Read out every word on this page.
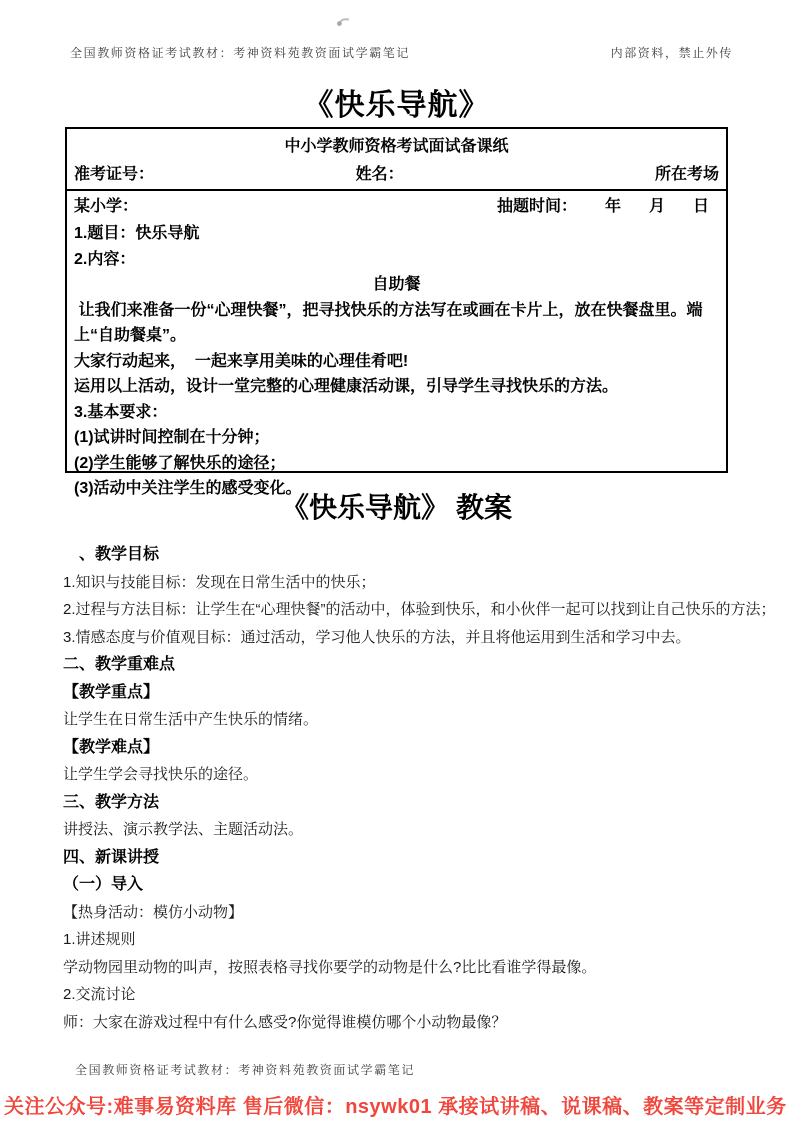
全国教师资格证考试教材：考神资料苑教资面试学霸笔记	内部资料，禁止外传
《快乐导航》
中小学教师资格考试面试备课纸
准考证号：	姓名：	所在考场
某小学：	抽题时间： 年 月 日
1.题目：快乐导航
2.内容：
自助餐
让我们来准备一份“心理快餐”，把寻找快乐的方法写在或画在卡片上，放在快餐盘里。端上“自助餐桌”。
大家行动起来，  一起来享用美味的心理佳肴吧!
运用以上活动，设计一堂完整的心理健康活动课，引导学生寻找快乐的方法。
3.基本要求：
(1)试讲时间控制在十分钟；
(2)学生能够了解快乐的途径；
(3)活动中关注学生的感受变化。
《快乐导航》 教案
　、教学目标
1.知识与技能目标：发现在日常生活中的快乐；
2.过程与方法目标：让学生在“心理快餐”的活动中，体验到快乐，和小伙伴一起可以找到让自己快乐的方法；
3.情感态度与价值观目标：通过活动，学习他人快乐的方法，并且将他运用到生活和学习中去。
二、教学重难点
【教学重点】
让学生在日常生活中产生快乐的情绪。
【教学难点】
让学生学会寻找快乐的途径。
三、教学方法
讲授法、演示教学法、主题活动法。
四、新课讲授
（一）导入
【热身活动：模仿小动物】
1.讲述规则
学动物园里动物的叫声，按照表格寻找你要学的动物是什么?比比看谁学得最像。
2.交流讨论
师：大家在游戏过程中有什么感受?你觉得谁模仿哪个小动物最像？
全国教师资格证考试教材：考神资料苑教资面试学霸笔记
关注公众号:难事易资料库 售后微信：nsywk01 承接试讲稿、说课稿、教案等定制业务
